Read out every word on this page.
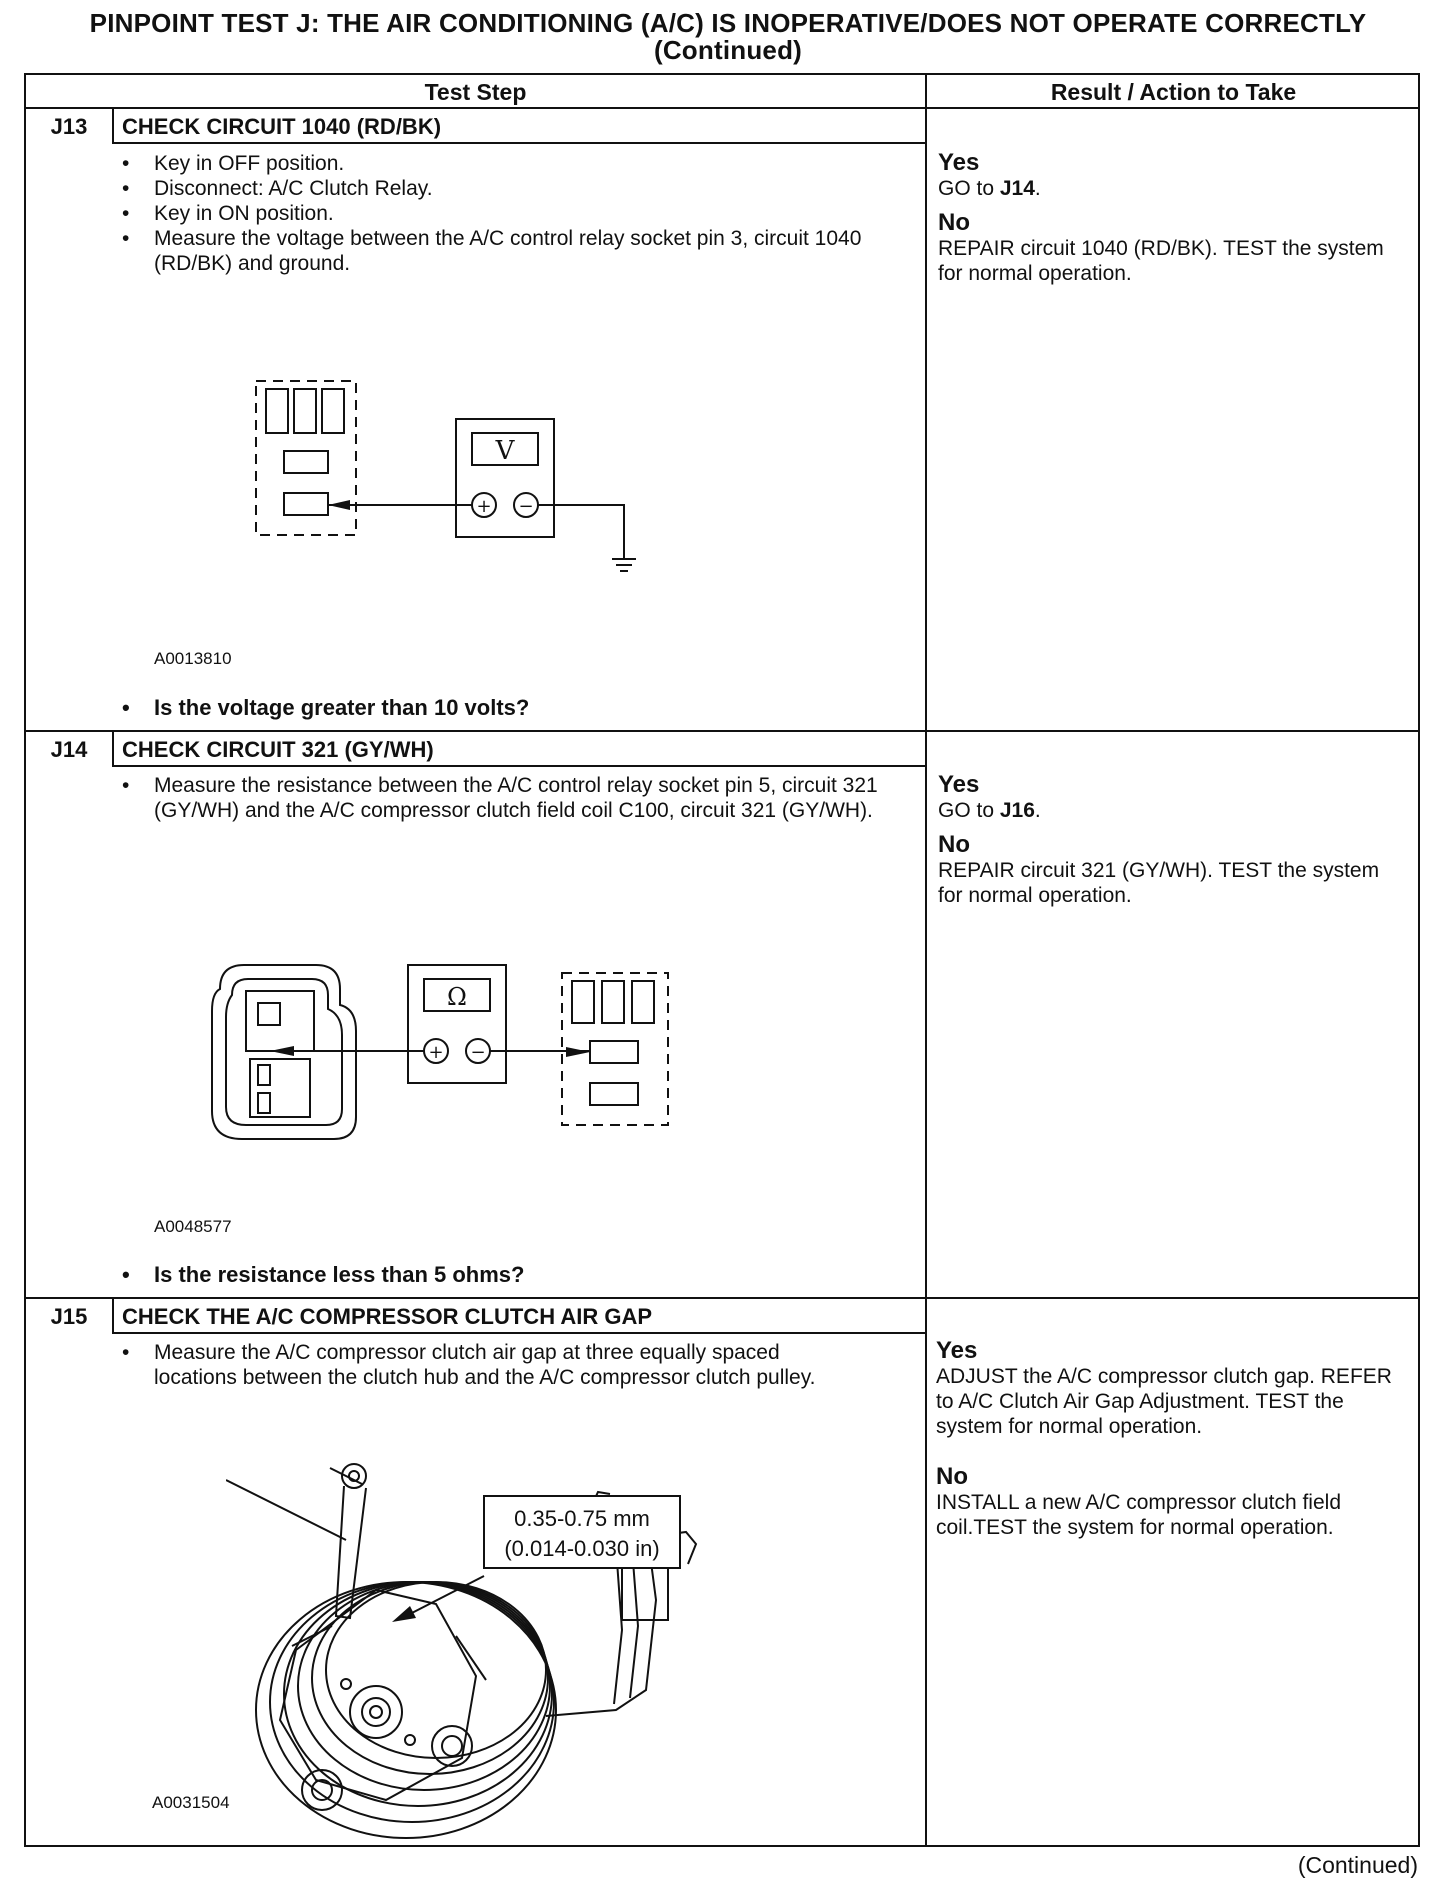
PINPOINT TEST J: THE AIR CONDITIONING (A/C) IS INOPERATIVE/DOES NOT OPERATE CORRECTLY
(Continued)
Test Step	Result / Action to Take
J13	CHECK CIRCUIT 1040 (RD/BK)
• Key in OFF position.
• Disconnect: A/C Clutch Relay.
• Key in ON position.
• Measure the voltage between the A/C control relay socket pin 3, circuit 1040 (RD/BK) and ground.
V
+ −
A0013810
• Is the voltage greater than 10 volts?
Yes
GO to J14.
No
REPAIR circuit 1040 (RD/BK). TEST the system for normal operation.
J14	CHECK CIRCUIT 321 (GY/WH)
• Measure the resistance between the A/C control relay socket pin 5, circuit 321 (GY/WH) and the A/C compressor clutch field coil C100, circuit 321 (GY/WH).
Ω
+ −
A0048577
• Is the resistance less than 5 ohms?
Yes
GO to J16.
No
REPAIR circuit 321 (GY/WH). TEST the system for normal operation.
J15	CHECK THE A/C COMPRESSOR CLUTCH AIR GAP
• Measure the A/C compressor clutch air gap at three equally spaced locations between the clutch hub and the A/C compressor clutch pulley.
0.35-0.75 mm
(0.014-0.030 in)
A0031504
Yes
ADJUST the A/C compressor clutch gap. REFER to A/C Clutch Air Gap Adjustment. TEST the system for normal operation.
No
INSTALL a new A/C compressor clutch field coil.TEST the system for normal operation.
(Continued)
